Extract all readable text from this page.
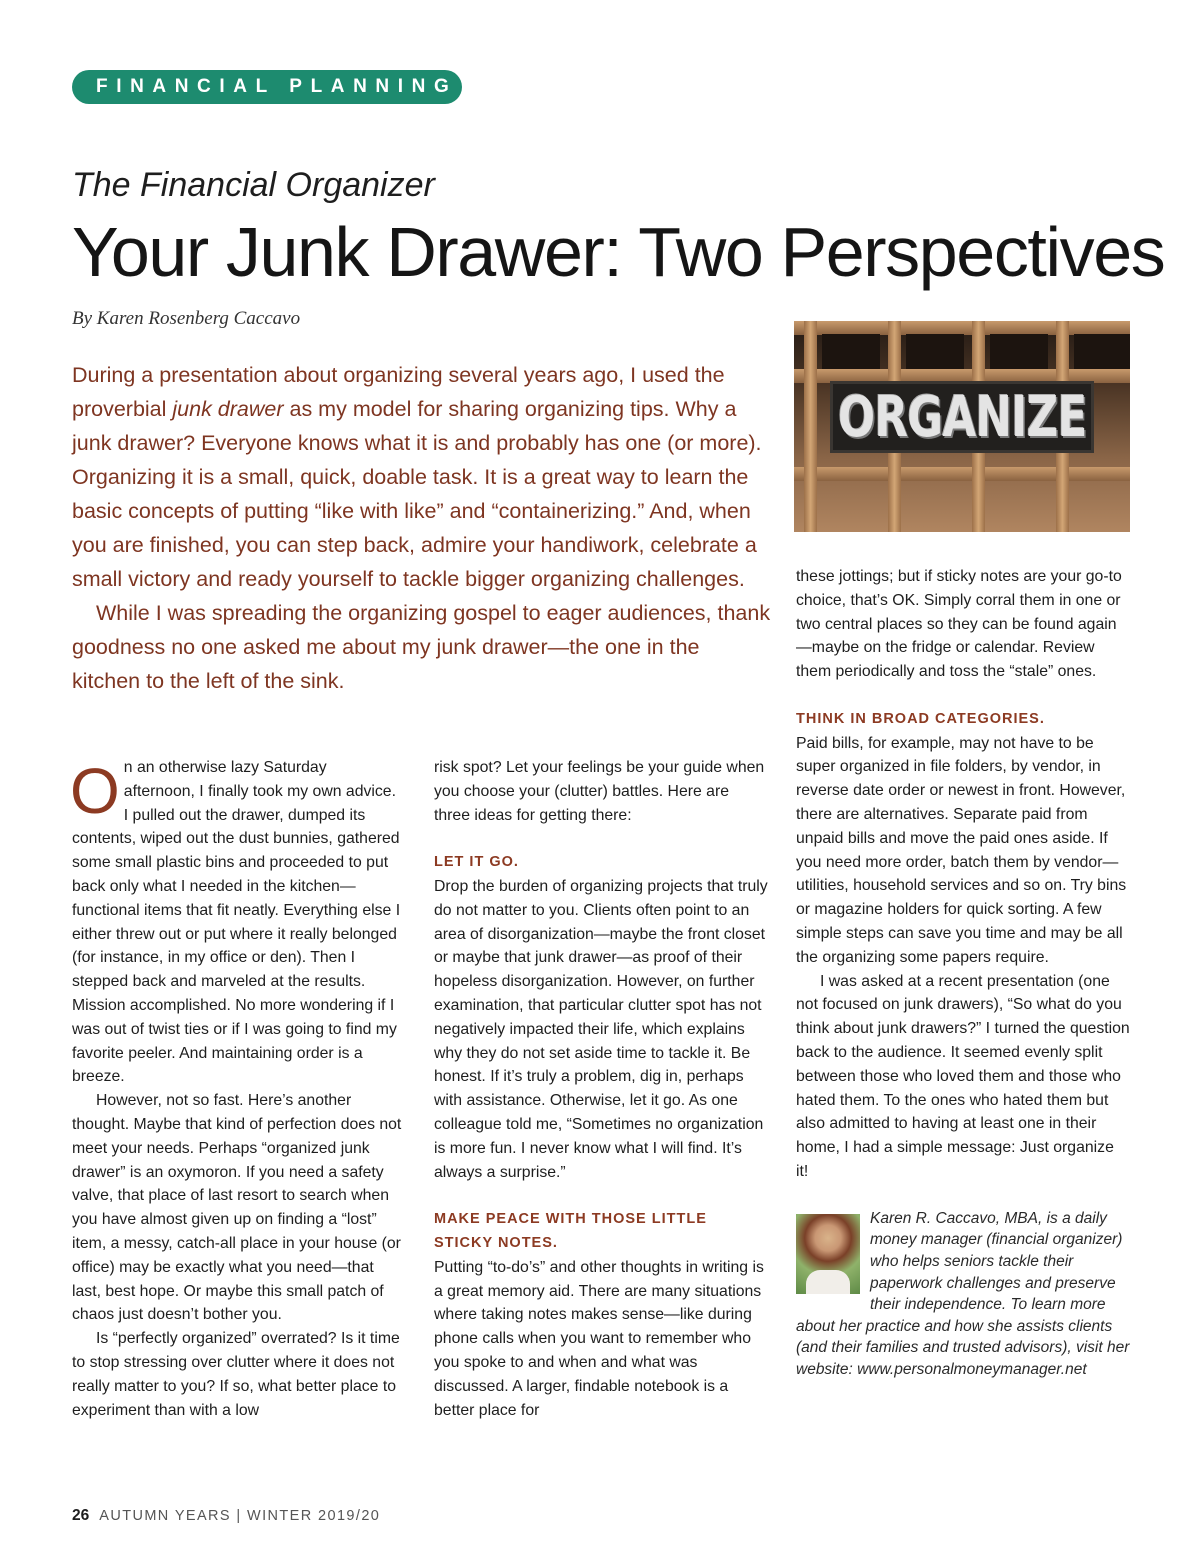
FINANCIAL PLANNING
The Financial Organizer
Your Junk Drawer: Two Perspectives

By Karen Rosenberg Caccavo

During a presentation about organizing several years ago, I used the proverbial junk drawer as my model for sharing organizing tips. Why a junk drawer? Everyone knows what it is and probably has one (or more). Organizing it is a small, quick, doable task. It is a great way to learn the basic concepts of putting “like with like” and “containerizing.” And, when you are finished, you can step back, admire your handiwork, celebrate a small victory and ready yourself to tackle bigger organizing challenges.

While I was spreading the organizing gospel to eager audiences, thank goodness no one asked me about my junk drawer—the one in the kitchen to the left of the sink.

ORGANIZE

On an otherwise lazy Saturday afternoon, I finally took my own advice. I pulled out the drawer, dumped its contents, wiped out the dust bunnies, gathered some small plastic bins and proceeded to put back only what I needed in the kitchen—functional items that fit neatly. Everything else I either threw out or put where it really belonged (for instance, in my office or den). Then I stepped back and marveled at the results. Mission accomplished. No more wondering if I was out of twist ties or if I was going to find my favorite peeler. And maintaining order is a breeze.

However, not so fast. Here’s another thought. Maybe that kind of perfection does not meet your needs. Perhaps “organized junk drawer” is an oxymoron. If you need a safety valve, that place of last resort to search when you have almost given up on finding a “lost” item, a messy, catch-all place in your house (or office) may be exactly what you need—that last, best hope. Or maybe this small patch of chaos just doesn’t bother you.

Is “perfectly organized” overrated? Is it time to stop stressing over clutter where it does not really matter to you? If so, what better place to experiment than with a low

risk spot? Let your feelings be your guide when you choose your (clutter) battles. Here are three ideas for getting there:

LET IT GO.

Drop the burden of organizing projects that truly do not matter to you. Clients often point to an area of disorganization—maybe the front closet or maybe that junk drawer—as proof of their hopeless disorganization. However, on further examination, that particular clutter spot has not negatively impacted their life, which explains why they do not set aside time to tackle it. Be honest. If it’s truly a problem, dig in, perhaps with assistance. Otherwise, let it go. As one colleague told me, “Sometimes no organization is more fun. I never know what I will find. It’s always a surprise.”

MAKE PEACE WITH THOSE LITTLE STICKY NOTES.

Putting “to-do’s” and other thoughts in writing is a great memory aid. There are many situations where taking notes makes sense—like during phone calls when you want to remember who you spoke to and when and what was discussed. A larger, findable notebook is a better place for

these jottings; but if sticky notes are your go-to choice, that’s OK. Simply corral them in one or two central places so they can be found again—maybe on the fridge or calendar. Review them periodically and toss the “stale” ones.

THINK IN BROAD CATEGORIES.

Paid bills, for example, may not have to be super organized in file folders, by vendor, in reverse date order or newest in front. However, there are alternatives. Separate paid from unpaid bills and move the paid ones aside. If you need more order, batch them by vendor—utilities, household services and so on. Try bins or magazine holders for quick sorting. A few simple steps can save you time and may be all the organizing some papers require.

I was asked at a recent presentation (one not focused on junk drawers), “So what do you think about junk drawers?” I turned the question back to the audience. It seemed evenly split between those who loved them and those who hated them. To the ones who hated them but also admitted to having at least one in their home, I had a simple message: Just organize it!

Karen R. Caccavo, MBA, is a daily money manager (financial organizer) who helps seniors tackle their paperwork challenges and preserve their independence. To learn more about her practice and how she assists clients (and their families and trusted advisors), visit her website: www.personalmoneymanager.net
26 AUTUMN YEARS | WINTER 2019/20
